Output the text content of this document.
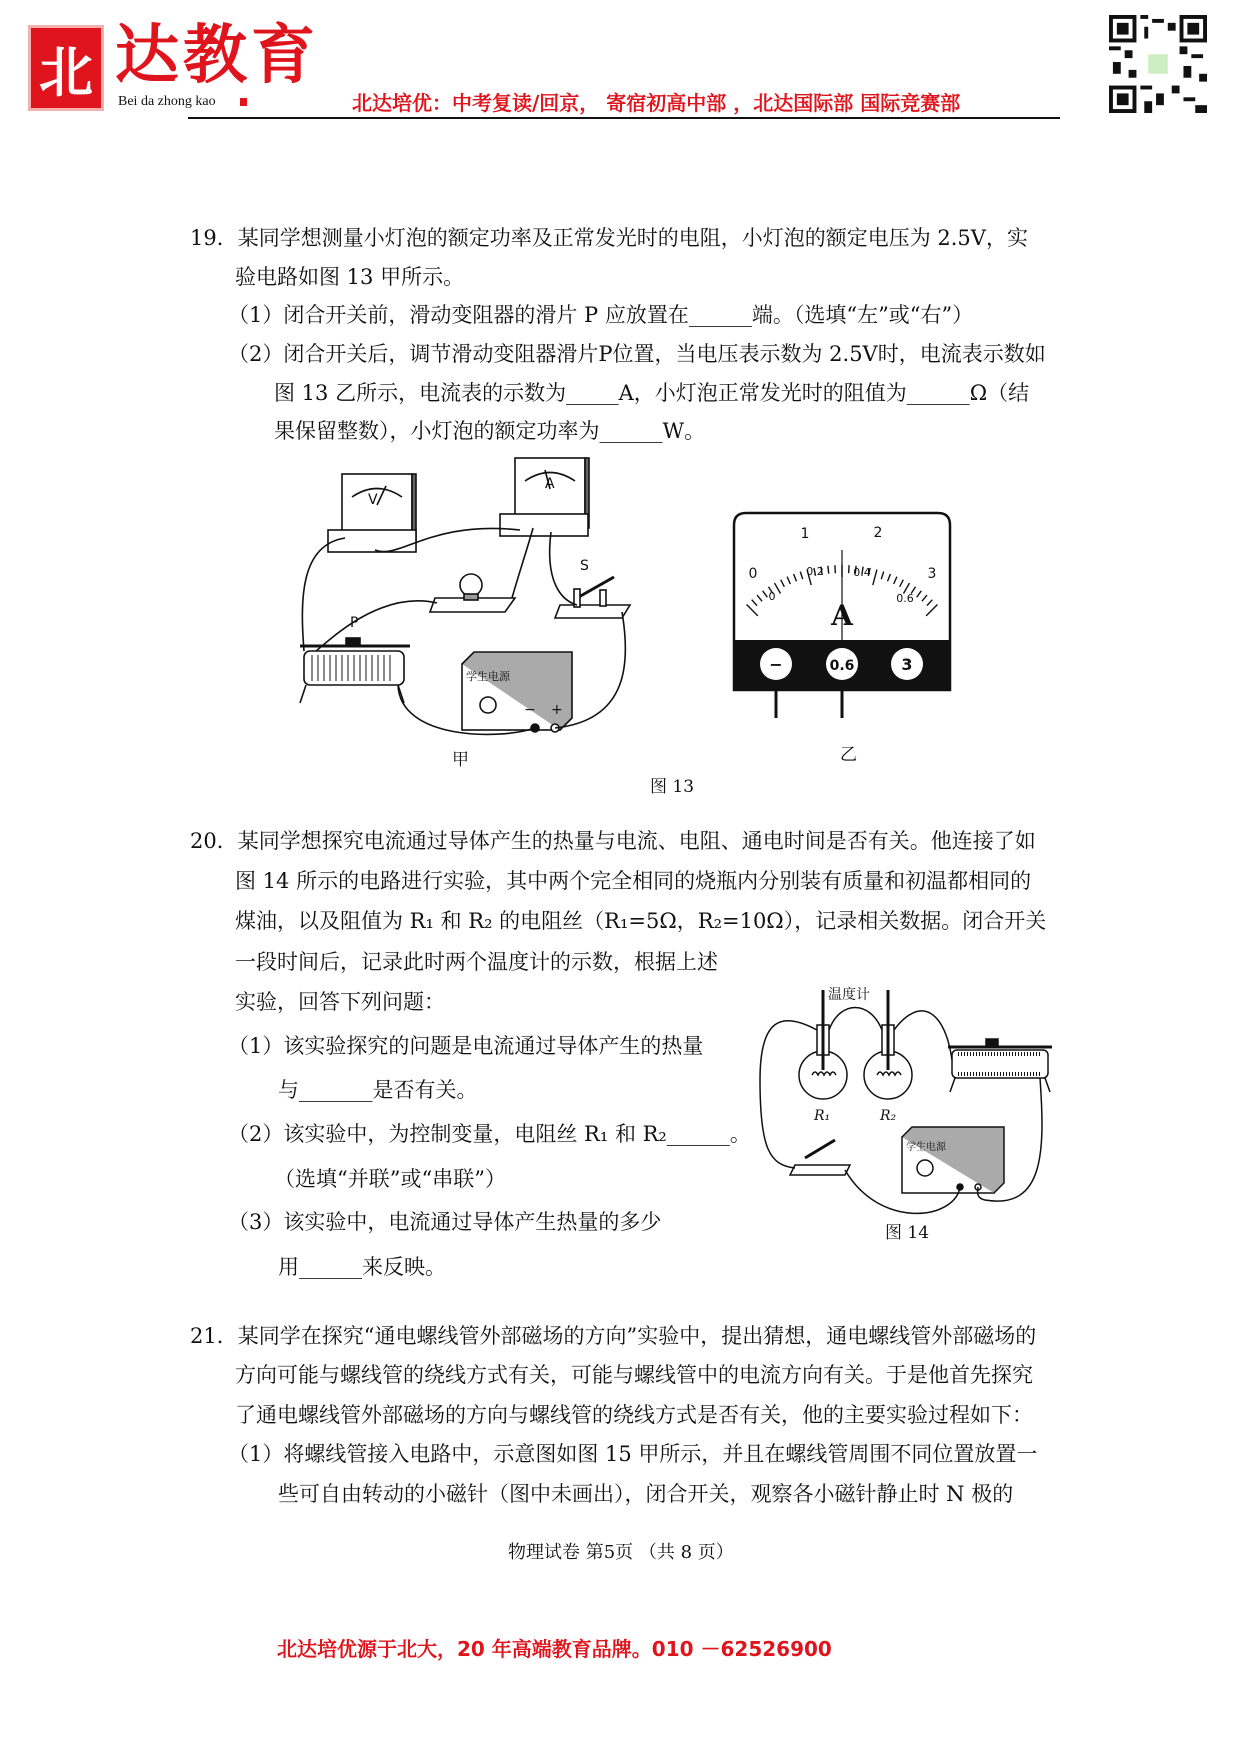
北 达教育
Bei da zhong kao	北达培优：中考复读/回京， 寄宿初高中部 ，北达国际部 国际竞赛部
19．某同学想测量小灯泡的额定功率及正常发光时的电阻，小灯泡的额定电压为 2.5V，实
验电路如图 13 甲所示。
（1）闭合开关前，滑动变阻器的滑片 P 应放置在______端。（选填“左”或“右”）
（2）闭合开关后，调节滑动变阻器滑片P位置，当电压表示数为 2.5V时，电流表示数如
图 13 乙所示，电流表的示数为_____A，小灯泡正常发光时的阻值为______Ω（结
果保留整数），小灯泡的额定功率为______W。
V
A
S
P
学生电源
− +
−	0.6	3
0
1	2
3
0
0.2	0.4
0.6
A
温度计
R₁	R₂
学生电源
甲	乙
图 13
图 14
20．某同学想探究电流通过导体产生的热量与电流、电阻、通电时间是否有关。他连接了如
图 14 所示的电路进行实验，其中两个完全相同的烧瓶内分别装有质量和初温都相同的
煤油，以及阻值为 R₁ 和 R₂ 的电阻丝（R₁=5Ω，R₂=10Ω），记录相关数据。闭合开关
一段时间后，记录此时两个温度计的示数，根据上述
实验，回答下列问题：
（1）该实验探究的问题是电流通过导体产生的热量
与_______是否有关。
（2）该实验中，为控制变量，电阻丝 R₁ 和 R₂______。
（选填“并联”或“串联”）
（3）该实验中，电流通过导体产生热量的多少
用______来反映。
21．某同学在探究“通电螺线管外部磁场的方向”实验中，提出猜想，通电螺线管外部磁场的
方向可能与螺线管的绕线方式有关，可能与螺线管中的电流方向有关。于是他首先探究
了通电螺线管外部磁场的方向与螺线管的绕线方式是否有关，他的主要实验过程如下：
（1）将螺线管接入电路中，示意图如图 15 甲所示，并且在螺线管周围不同位置放置一
些可自由转动的小磁针（图中未画出），闭合开关，观察各小磁针静止时 N 极的
物理试卷 第5页 （共 8 页）
北达培优源于北大，20 年高端教育品牌。010 －62526900
